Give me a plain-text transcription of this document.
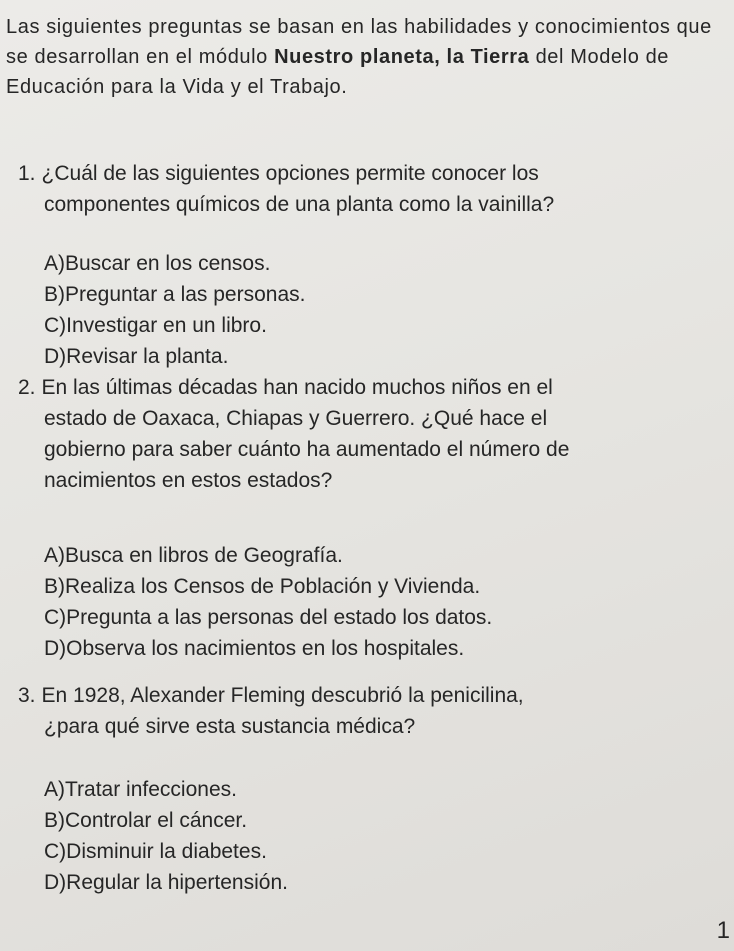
Las siguientes preguntas se basan en las habilidades y conocimientos que se desarrollan en el módulo Nuestro planeta, la Tierra del Modelo de Educación para la Vida y el Trabajo.
1. ¿Cuál de las siguientes opciones permite conocer los
componentes químicos de una planta como la vainilla?
A)Buscar en los censos.
B)Preguntar a las personas.
C)Investigar en un libro.
D)Revisar la planta.
2. En las últimas décadas han nacido muchos niños en el
estado de Oaxaca, Chiapas y Guerrero. ¿Qué hace el
gobierno para saber cuánto ha aumentado el número de
nacimientos en estos estados?
A)Busca en libros de Geografía.
B)Realiza los Censos de Población y Vivienda.
C)Pregunta a las personas del estado los datos.
D)Observa los nacimientos en los hospitales.
3. En 1928, Alexander Fleming descubrió la penicilina,
¿para qué sirve esta sustancia médica?
A)Tratar infecciones.
B)Controlar el cáncer.
C)Disminuir la diabetes.
D)Regular la hipertensión.
1
